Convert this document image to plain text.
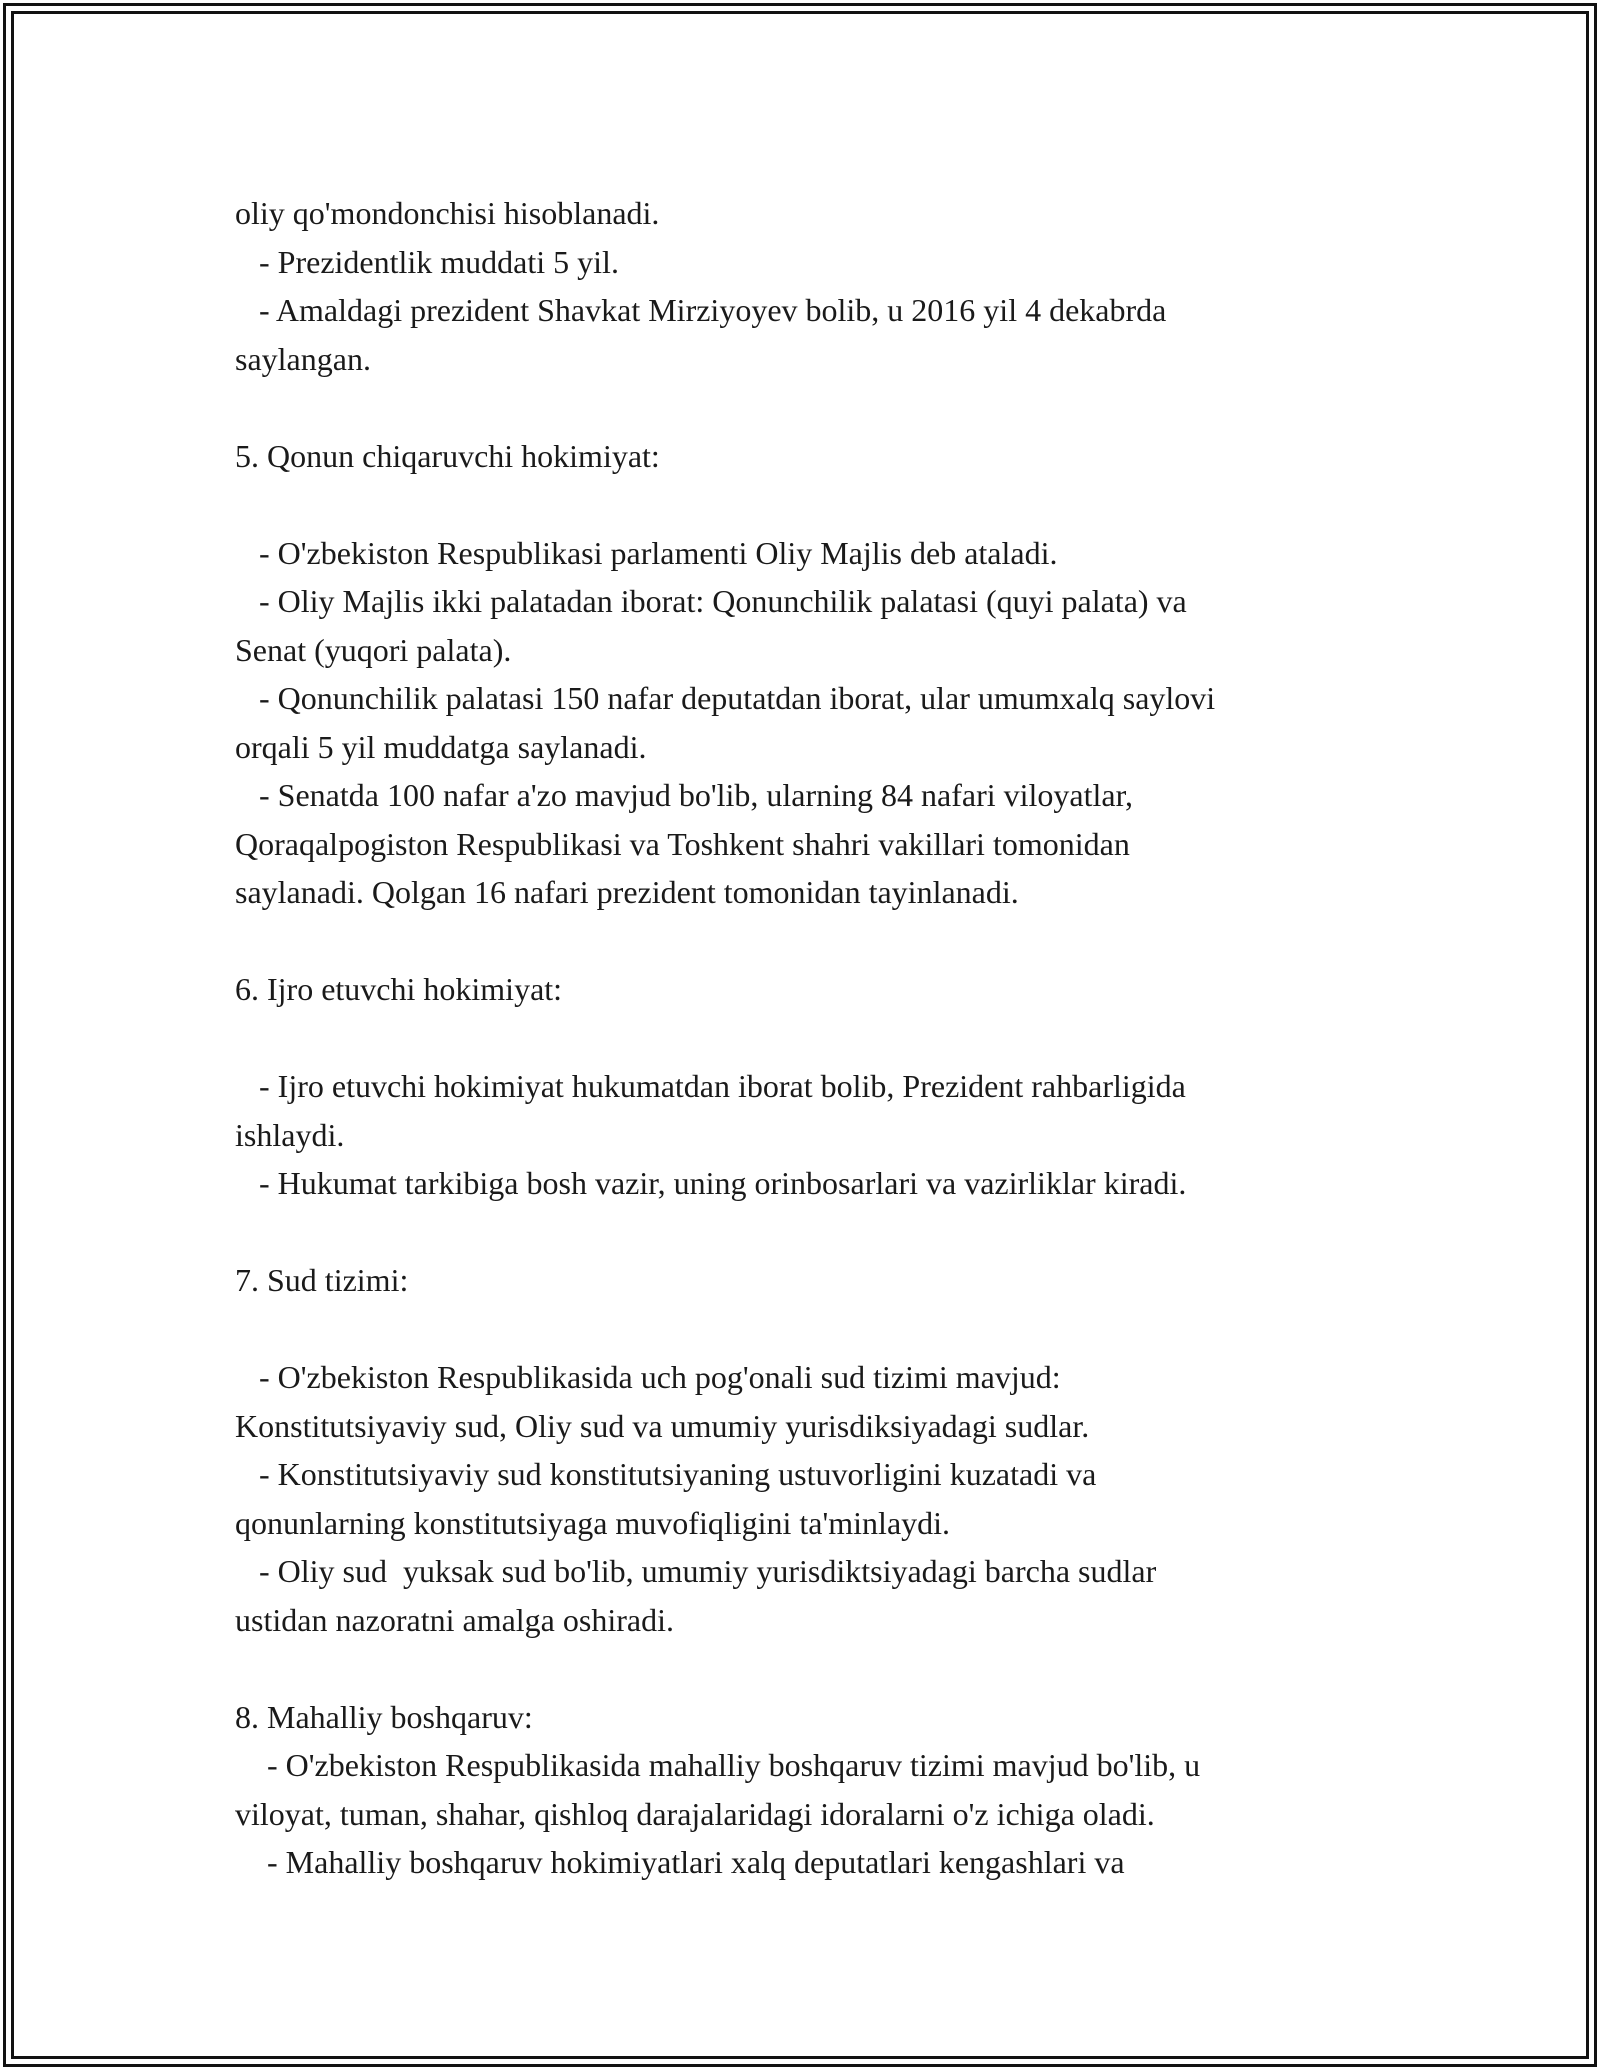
oliy qo'mondonchisi hisoblanadi.
- Prezidentlik muddati 5 yil.
- Amaldagi prezident Shavkat Mirziyoyev bolib, u 2016 yil 4 dekabrda
saylangan.
5. Qonun chiqaruvchi hokimiyat:
- O'zbekiston Respublikasi parlamenti Oliy Majlis deb ataladi.
- Oliy Majlis ikki palatadan iborat: Qonunchilik palatasi (quyi palata) va
Senat (yuqori palata).
- Qonunchilik palatasi 150 nafar deputatdan iborat, ular umumxalq saylovi
orqali 5 yil muddatga saylanadi.
- Senatda 100 nafar a'zo mavjud bo'lib, ularning 84 nafari viloyatlar,
Qoraqalpogiston Respublikasi va Toshkent shahri vakillari tomonidan
saylanadi. Qolgan 16 nafari prezident tomonidan tayinlanadi.
6. Ijro etuvchi hokimiyat:
- Ijro etuvchi hokimiyat hukumatdan iborat bolib, Prezident rahbarligida
ishlaydi.
- Hukumat tarkibiga bosh vazir, uning orinbosarlari va vazirliklar kiradi.
7. Sud tizimi:
- O'zbekiston Respublikasida uch pog'onali sud tizimi mavjud:
Konstitutsiyaviy sud, Oliy sud va umumiy yurisdiksiyadagi sudlar.
- Konstitutsiyaviy sud konstitutsiyaning ustuvorligini kuzatadi va
qonunlarning konstitutsiyaga muvofiqligini ta'minlaydi.
- Oliy sud  yuksak sud bo'lib, umumiy yurisdiktsiyadagi barcha sudlar
ustidan nazoratni amalga oshiradi.
8. Mahalliy boshqaruv:
- O'zbekiston Respublikasida mahalliy boshqaruv tizimi mavjud bo'lib, u
viloyat, tuman, shahar, qishloq darajalaridagi idoralarni o'z ichiga oladi.
- Mahalliy boshqaruv hokimiyatlari xalq deputatlari kengashlari va
